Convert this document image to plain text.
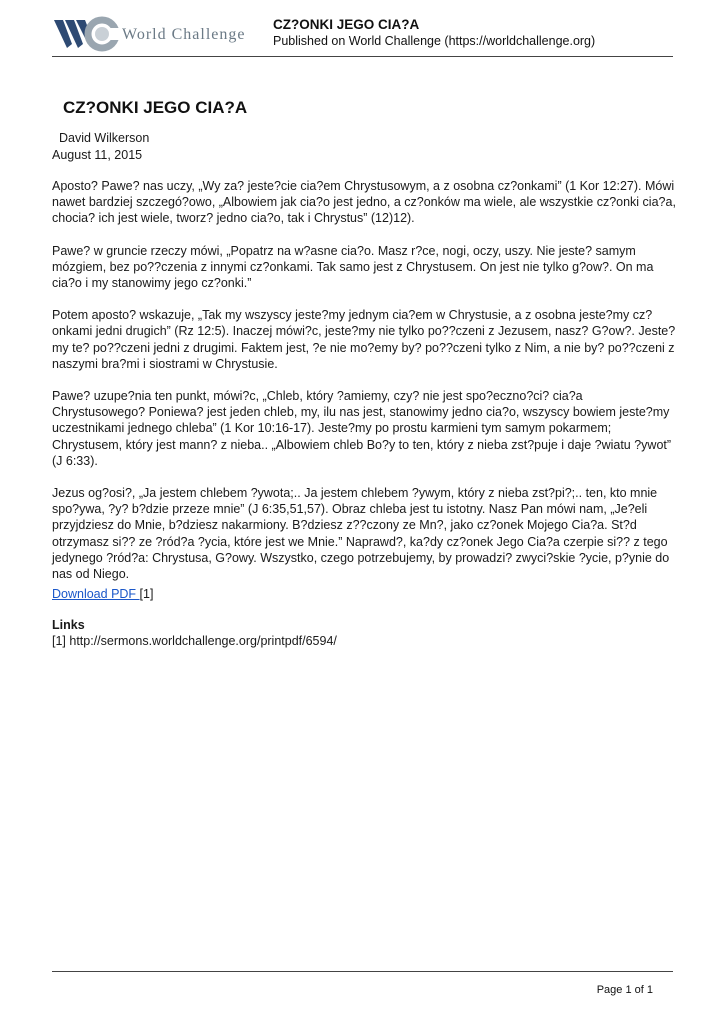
World Challenge
CZ?ONKI JEGO CIA?A
Published on World Challenge (https://worldchallenge.org)
CZ?ONKI JEGO CIA?A
David Wilkerson
August 11, 2015

Aposto? Pawe? nas uczy, „Wy za? jeste?cie cia?em Chrystusowym, a z osobna cz?onkami” (1 Kor 12:27). Mówi nawet bardziej szczegó?owo, „Albowiem jak cia?o jest jedno, a cz?onków ma wiele, ale wszystkie cz?onki cia?a, chocia? ich jest wiele, tworz? jedno cia?o, tak i Chrystus” (12)12).

Pawe? w gruncie rzeczy mówi, „Popatrz na w?asne cia?o. Masz r?ce, nogi, oczy, uszy. Nie jeste? samym mózgiem, bez po??czenia z innymi cz?onkami. Tak samo jest z Chrystusem. On jest nie tylko g?ow?. On ma cia?o i my stanowimy jego cz?onki.”

Potem aposto? wskazuje, „Tak my wszyscy jeste?my jednym cia?em w Chrystusie, a z osobna jeste?my cz?onkami jedni drugich” (Rz 12:5). Inaczej mówi?c, jeste?my nie tylko po??czeni z Jezusem, nasz? G?ow?. Jeste?my te? po??czeni jedni z drugimi. Faktem jest, ?e nie mo?emy by? po??czeni tylko z Nim, a nie by? po??czeni z naszymi bra?mi i siostrami w Chrystusie.

Pawe? uzupe?nia ten punkt, mówi?c, „Chleb, który ?amiemy, czy? nie jest spo?eczno?ci? cia?a Chrystusowego? Poniewa? jest jeden chleb, my, ilu nas jest, stanowimy jedno cia?o, wszyscy bowiem jeste?my uczestnikami jednego chleba” (1 Kor 10:16-17). Jeste?my po prostu karmieni tym samym pokarmem; Chrystusem, który jest mann? z nieba.. „Albowiem chleb Bo?y to ten, który z nieba zst?puje i daje ?wiatu ?ywot” (J 6:33).

Jezus og?osi?, „Ja jestem chlebem ?ywota;.. Ja jestem chlebem ?ywym, który z nieba zst?pi?;.. ten, kto mnie spo?ywa, ?y? b?dzie przeze mnie” (J 6:35,51,57). Obraz chleba jest tu istotny. Nasz Pan mówi nam, „Je?eli przyjdziesz do Mnie, b?dziesz nakarmiony. B?dziesz z??czony ze Mn?, jako cz?onek Mojego Cia?a. St?d otrzymasz si?? ze ?ród?a ?ycia, które jest we Mnie.” Naprawd?, ka?dy cz?onek Jego Cia?a czerpie si?? z tego jedynego ?ród?a: Chrystusa, G?owy. Wszystko, czego potrzebujemy, by prowadzi? zwyci?skie ?ycie, p?ynie do nas od Niego.

Download PDF [1]
Links
[1] http://sermons.worldchallenge.org/printpdf/6594/
Page 1 of 1
